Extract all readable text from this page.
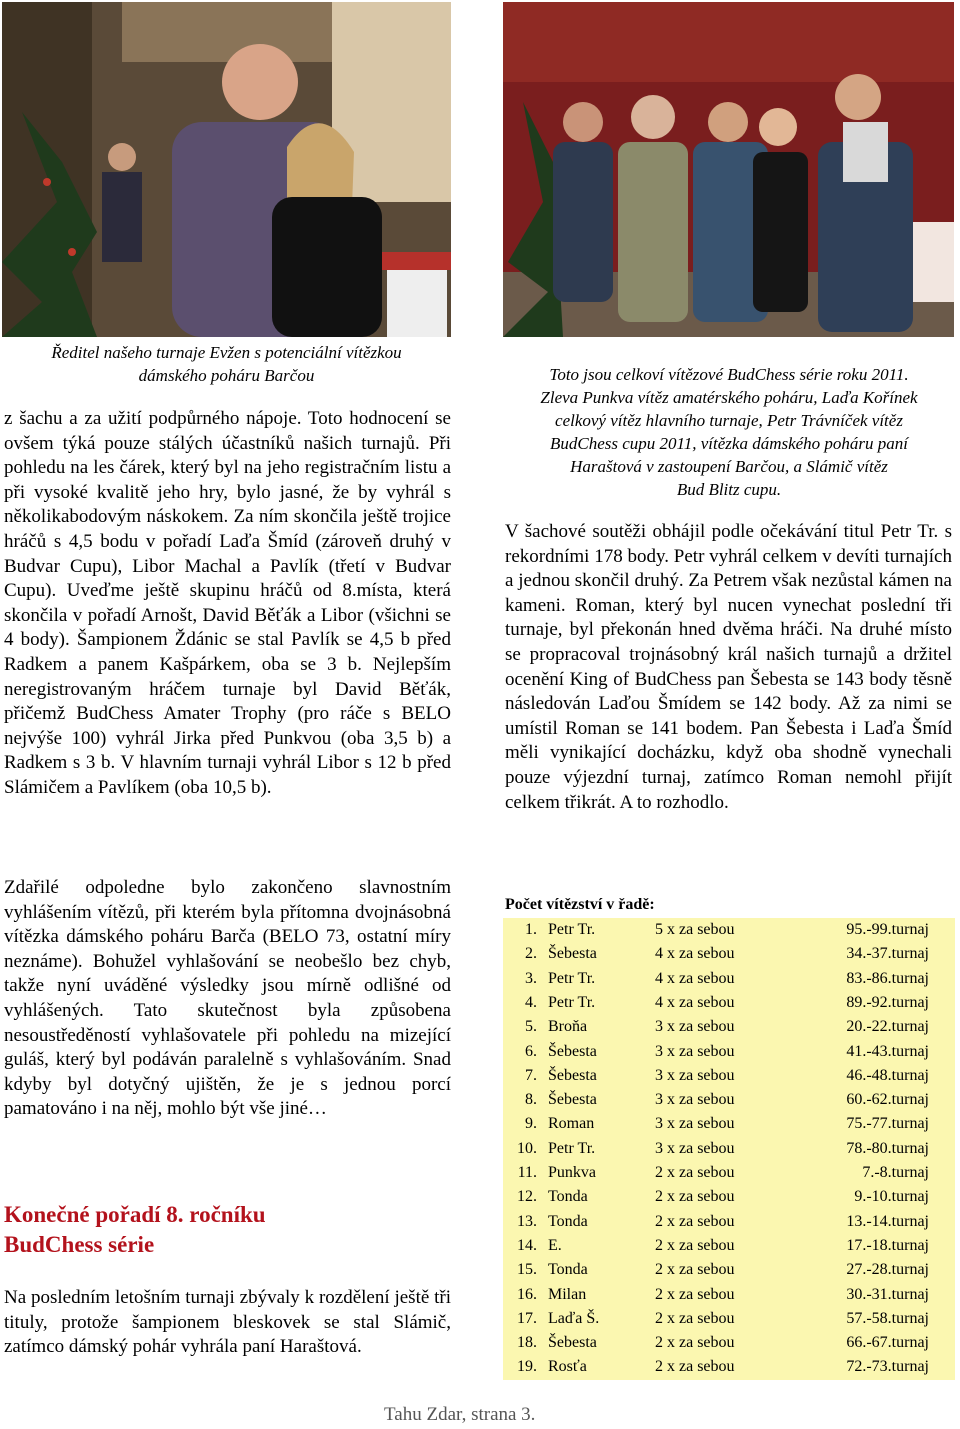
Ředitel našeho turnaje Evžen s potenciální vítězkou
dámského poháru Barčou	Toto jsou celkoví vítězové BudChess série roku 2011.
Zleva Punkva vítěz amatérského poháru, Laďa Kořínek
celkový vítěz hlavního turnaje, Petr Trávníček vítěz
BudChess cupu 2011, vítězka dámského poháru paní
Haraštová v zastoupení Barčou, a Slámič vítěz
Bud Blitz cupu.

z šachu a za užití podpůrného nápoje. Toto hodnocení se ovšem týká pouze stálých účastníků našich turnajů. Při pohledu na les čárek, který byl na jeho registračním listu a při vysoké kvalitě jeho hry, bylo jasné, že by vyhrál s několikabodovým náskokem. Za ním skončila ještě trojice hráčů s 4,5 bodu v pořadí Laďa Šmíd (zároveň druhý v Budvar Cupu), Libor Machal a Pavlík (třetí v Budvar Cupu). Uveďme ještě skupinu hráčů od 8.místa, která skončila v pořadí Arnošt, David Běťák a Libor (všichni se 4 body). Šampionem Ždánic se stal Pavlík se 4,5 b před Radkem a panem Kašpárkem, oba se 3 b. Nejlepším neregistrovaným hráčem turnaje byl David Běťák, přičemž BudChess Amater Trophy (pro ráče s BELO nejvýše 100) vyhrál Jirka před Punkvou (oba 3,5 b) a Radkem s 3 b. V hlavním turnaji vyhrál Libor s 12 b před Slámičem a Pavlíkem (oba 10,5 b).

Zdařilé odpoledne bylo zakončeno slavnostním vyhlášením vítězů, při kterém byla přítomna dvojnásobná vítězka dámského poháru Barča (BELO 73, ostatní míry neznáme). Bohužel vyhlašování se neobešlo bez chyb, takže nyní uváděné výsledky jsou mírně odlišné od vyhlášených. Tato skutečnost byla způsobena nesoustředěností vyhlašovatele při pohledu na mizející guláš, který byl podáván paralelně s vyhlašováním. Snad kdyby byl dotyčný ujištěn, že je s jednou porcí pamatováno i na něj, mohlo být vše jiné…

Konečné pořadí 8. ročníku
BudChess série

Na posledním letošním turnaji zbývaly k rozdělení ještě tři tituly, protože šampionem bleskovek se stal Slámič, zatímco dámský pohár vyhrála paní Haraštová.

V šachové soutěži obhájil podle očekávání titul Petr Tr. s rekordními 178 body. Petr vyhrál celkem v devíti turnajích a jednou skončil druhý. Za Petrem však nezůstal kámen na kameni. Roman, který byl nucen vynechat poslední tři turnaje, byl překonán hned dvěma hráči. Na druhé místo se propracoval trojnásobný král našich turnajů a držitel ocenění King of BudChess pan Šebesta se 143 body těsně následován Laďou Šmídem se 142 body. Až za nimi se umístil Roman se 141 bodem. Pan Šebesta i Laďa Šmíd měli vynikající docházku, když oba shodně vynechali pouze výjezdní turnaj, zatímco Roman nemohl přijít celkem třikrát. A to rozhodlo.

Počet vítězství v řadě:
1. Petr Tr.	5 x za sebou	95.-99.turnaj
2. Šebesta	4 x za sebou	34.-37.turnaj
3. Petr Tr.	4 x za sebou	83.-86.turnaj
4. Petr Tr.	4 x za sebou	89.-92.turnaj
5. Broňa	3 x za sebou	20.-22.turnaj
6. Šebesta	3 x za sebou	41.-43.turnaj
7. Šebesta	3 x za sebou	46.-48.turnaj
8. Šebesta	3 x za sebou	60.-62.turnaj
9. Roman	3 x za sebou	75.-77.turnaj
10. Petr Tr.	3 x za sebou	78.-80.turnaj
11. Punkva	2 x za sebou	7.-8.turnaj
12. Tonda	2 x za sebou	9.-10.turnaj
13. Tonda	2 x za sebou	13.-14.turnaj
14. E.	2 x za sebou	17.-18.turnaj
15. Tonda	2 x za sebou	27.-28.turnaj
16. Milan	2 x za sebou	30.-31.turnaj
17. Laďa Š.	2 x za sebou	57.-58.turnaj
18. Šebesta	2 x za sebou	66.-67.turnaj
19. Rosťa	2 x za sebou	72.-73.turnaj
Tahu Zdar, strana 3.
